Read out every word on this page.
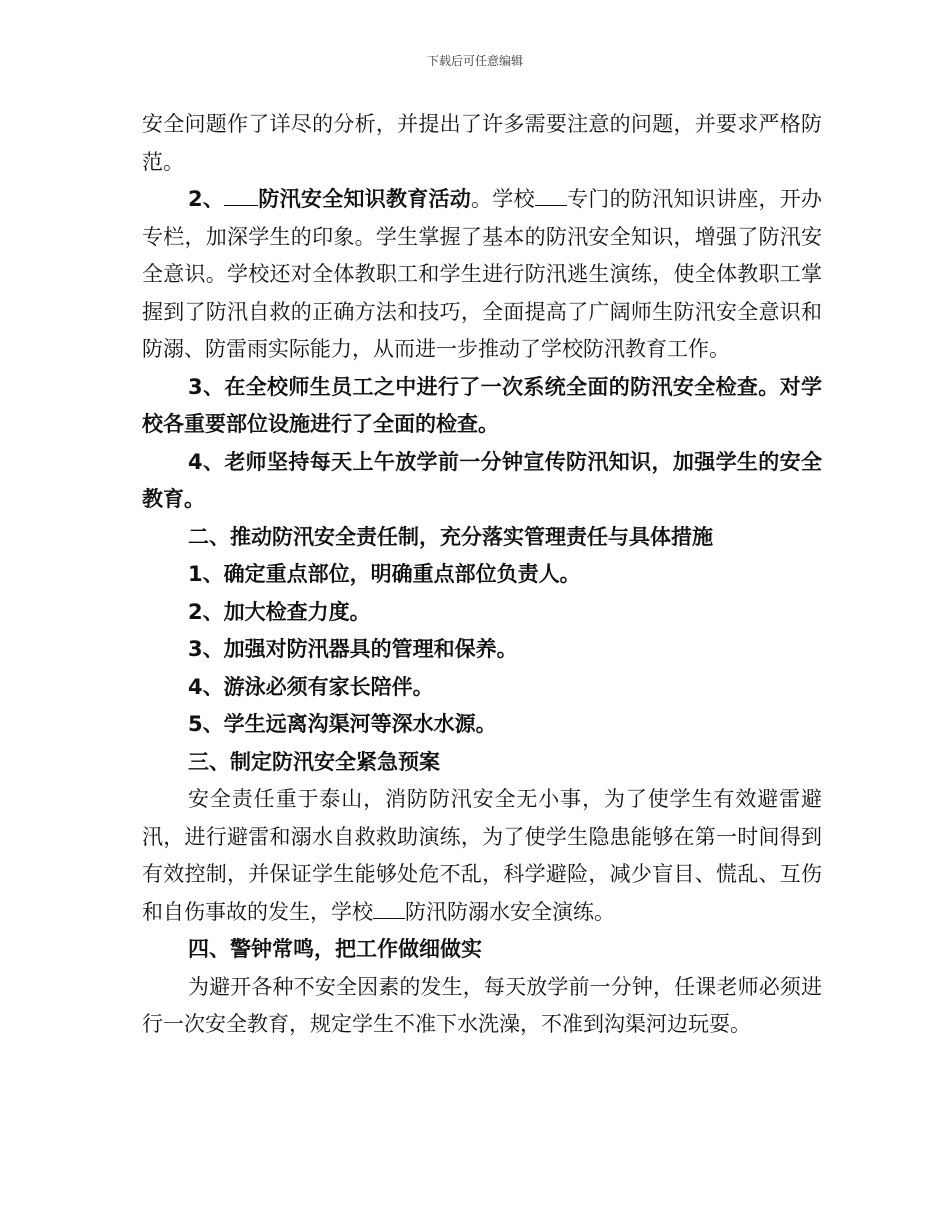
下载后可任意编辑

安全问题作了详尽的分析，并提出了许多需要注意的问题，并要求严格防范。

2、 防汛安全知识教育活动。学校 专门的防汛知识讲座，开办专栏，加深学生的印象。学生掌握了基本的防汛安全知识，增强了防汛安全意识。学校还对全体教职工和学生进行防汛逃生演练，使全体教职工掌握到了防汛自救的正确方法和技巧，全面提高了广阔师生防汛安全意识和防溺、防雷雨实际能力，从而进一步推动了学校防汛教育工作。

3、在全校师生员工之中进行了一次系统全面的防汛安全检查。对学校各重要部位设施进行了全面的检查。

4、老师坚持每天上午放学前一分钟宣传防汛知识，加强学生的安全教育。

二、推动防汛安全责任制，充分落实管理责任与具体措施

1、确定重点部位，明确重点部位负责人。

2、加大检查力度。

3、加强对防汛器具的管理和保养。

4、游泳必须有家长陪伴。

5、学生远离沟渠河等深水水源。

三、制定防汛安全紧急预案

安全责任重于泰山，消防防汛安全无小事，为了使学生有效避雷避汛，进行避雷和溺水自救救助演练，为了使学生隐患能够在第一时间得到有效控制，并保证学生能够处危不乱，科学避险，减少盲目、慌乱、互伤和自伤事故的发生，学校 防汛防溺水安全演练。

四、警钟常鸣，把工作做细做实

为避开各种不安全因素的发生，每天放学前一分钟，任课老师必须进行一次安全教育，规定学生不准下水洗澡，不准到沟渠河边玩耍。
